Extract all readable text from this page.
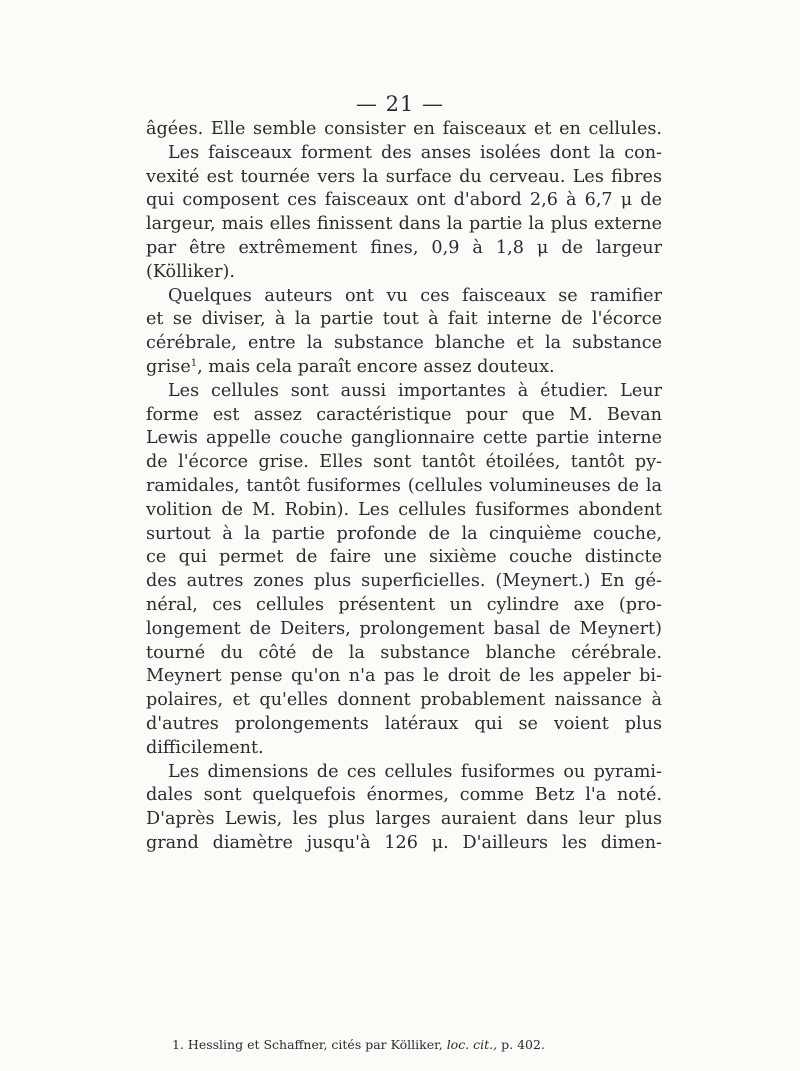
— 21 —
âgées. Elle semble consister en faisceaux et en cellules.
Les faisceaux forment des anses isolées dont la con-
vexité est tournée vers la surface du cerveau. Les fibres
qui composent ces faisceaux ont d'abord 2,6 à 6,7 μ de
largeur, mais elles finissent dans la partie la plus externe
par être extrêmement fines, 0,9 à 1,8 μ de largeur
(Kölliker).
Quelques auteurs ont vu ces faisceaux se ramifier
et se diviser, à la partie tout à fait interne de l'écorce
cérébrale, entre la substance blanche et la substance
grise$^1$, mais cela paraît encore assez douteux.
Les cellules sont aussi importantes à étudier. Leur
forme est assez caractéristique pour que M. Bevan
Lewis appelle couche ganglionnaire cette partie interne
de l'écorce grise. Elles sont tantôt étoilées, tantôt py-
ramidales, tantôt fusiformes (cellules volumineuses de la
volition de M. Robin). Les cellules fusiformes abondent
surtout à la partie profonde de la cinquième couche,
ce qui permet de faire une sixième couche distincte
des autres zones plus superficielles. (Meynert.) En gé-
néral, ces cellules présentent un cylindre axe (pro-
longement de Deiters, prolongement basal de Meynert)
tourné du côté de la substance blanche cérébrale.
Meynert pense qu'on n'a pas le droit de les appeler bi-
polaires, et qu'elles donnent probablement naissance à
d'autres prolongements latéraux qui se voient plus
difficilement.
Les dimensions de ces cellules fusiformes ou pyrami-
dales sont quelquefois énormes, comme Betz l'a noté.
D'après Lewis, les plus larges auraient dans leur plus
grand diamètre jusqu'à 126 μ. D'ailleurs les dimen-
1. Hessling et Schaffner, cités par Kölliker, loc. cit., p. 402.
